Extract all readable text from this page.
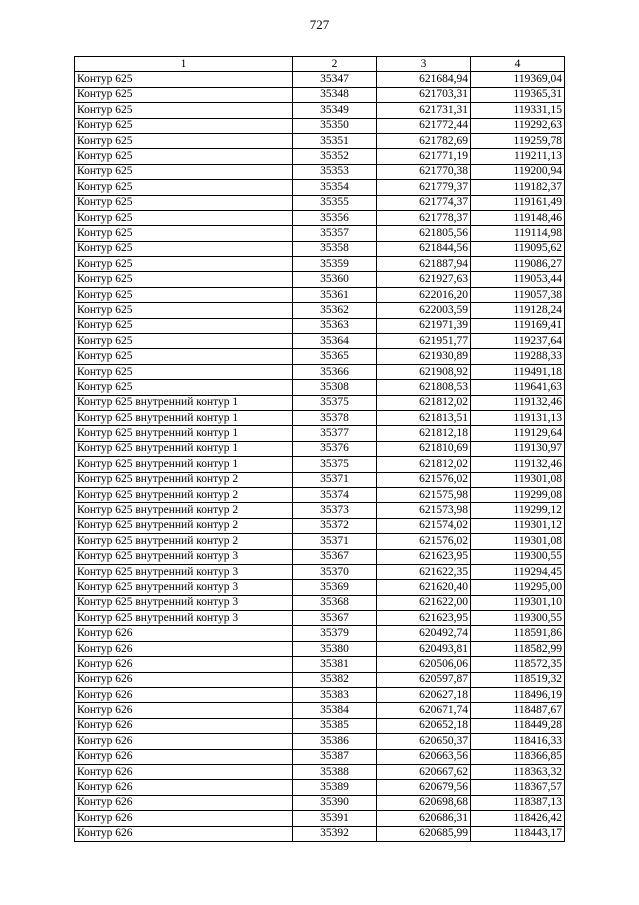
727
1	2	3	4
Контур 625	35347	621684,94	119369,04
Контур 625	35348	621703,31	119365,31
Контур 625	35349	621731,31	119331,15
Контур 625	35350	621772,44	119292,63
Контур 625	35351	621782,69	119259,78
Контур 625	35352	621771,19	119211,13
Контур 625	35353	621770,38	119200,94
Контур 625	35354	621779,37	119182,37
Контур 625	35355	621774,37	119161,49
Контур 625	35356	621778,37	119148,46
Контур 625	35357	621805,56	119114,98
Контур 625	35358	621844,56	119095,62
Контур 625	35359	621887,94	119086,27
Контур 625	35360	621927,63	119053,44
Контур 625	35361	622016,20	119057,38
Контур 625	35362	622003,59	119128,24
Контур 625	35363	621971,39	119169,41
Контур 625	35364	621951,77	119237,64
Контур 625	35365	621930,89	119288,33
Контур 625	35366	621908,92	119491,18
Контур 625	35308	621808,53	119641,63
Контур 625 внутренний контур 1	35375	621812,02	119132,46
Контур 625 внутренний контур 1	35378	621813,51	119131,13
Контур 625 внутренний контур 1	35377	621812,18	119129,64
Контур 625 внутренний контур 1	35376	621810,69	119130,97
Контур 625 внутренний контур 1	35375	621812,02	119132,46
Контур 625 внутренний контур 2	35371	621576,02	119301,08
Контур 625 внутренний контур 2	35374	621575,98	119299,08
Контур 625 внутренний контур 2	35373	621573,98	119299,12
Контур 625 внутренний контур 2	35372	621574,02	119301,12
Контур 625 внутренний контур 2	35371	621576,02	119301,08
Контур 625 внутренний контур 3	35367	621623,95	119300,55
Контур 625 внутренний контур 3	35370	621622,35	119294,45
Контур 625 внутренний контур 3	35369	621620,40	119295,00
Контур 625 внутренний контур 3	35368	621622,00	119301,10
Контур 625 внутренний контур 3	35367	621623,95	119300,55
Контур 626	35379	620492,74	118591,86
Контур 626	35380	620493,81	118582,99
Контур 626	35381	620506,06	118572,35
Контур 626	35382	620597,87	118519,32
Контур 626	35383	620627,18	118496,19
Контур 626	35384	620671,74	118487,67
Контур 626	35385	620652,18	118449,28
Контур 626	35386	620650,37	118416,33
Контур 626	35387	620663,56	118366,85
Контур 626	35388	620667,62	118363,32
Контур 626	35389	620679,56	118367,57
Контур 626	35390	620698,68	118387,13
Контур 626	35391	620686,31	118426,42
Контур 626	35392	620685,99	118443,17
